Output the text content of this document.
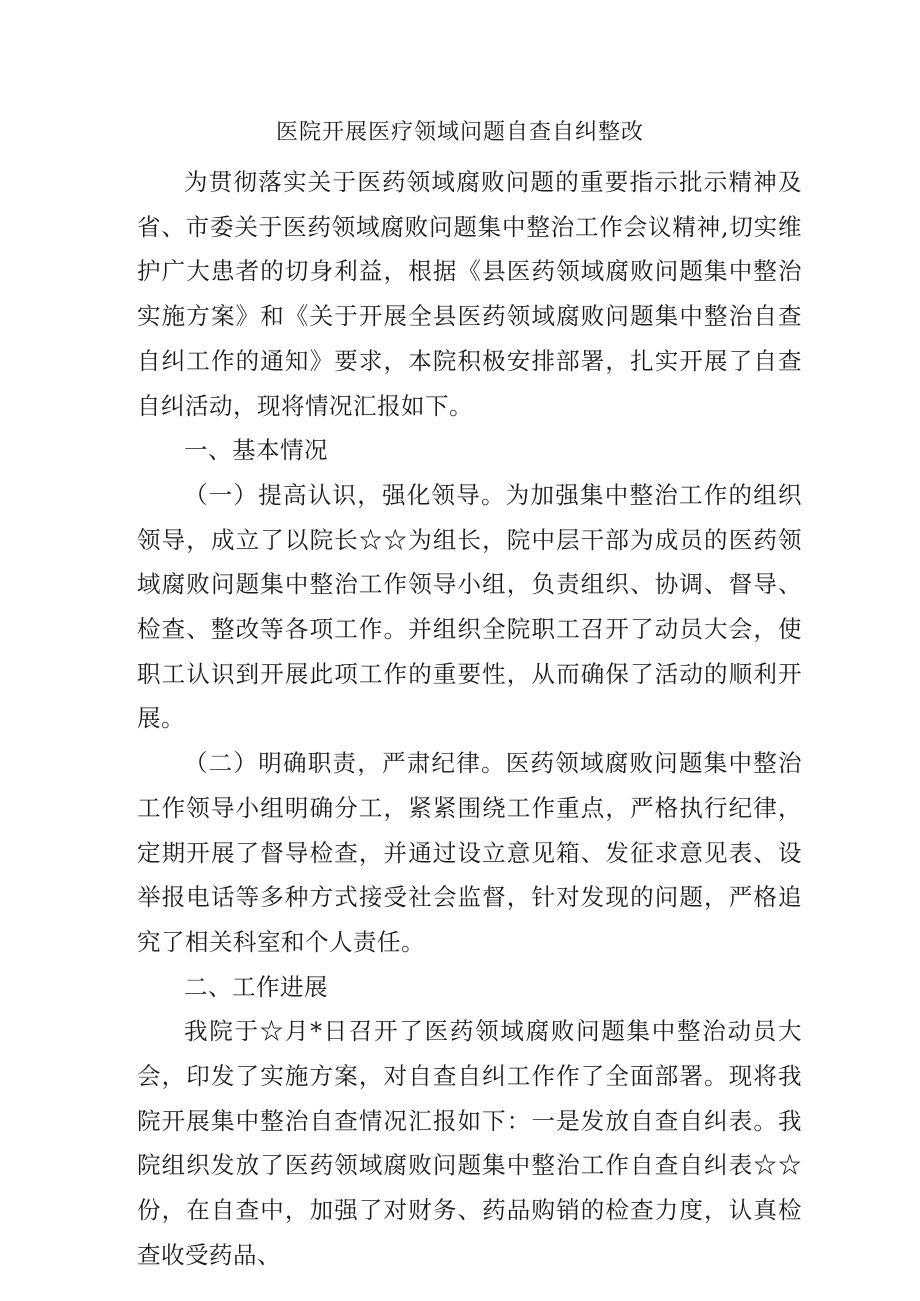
医院开展医疗领域问题自查自纠整改

为贯彻落实关于医药领域腐败问题的重要指示批示精神及省、市委关于医药领域腐败问题集中整治工作会议精神,切实维护广大患者的切身利益，根据《县医药领域腐败问题集中整治实施方案》和《关于开展全县医药领域腐败问题集中整治自查自纠工作的通知》要求，本院积极安排部署，扎实开展了自查自纠活动，现将情况汇报如下。

一、基本情况

（一）提高认识，强化领导。为加强集中整治工作的组织领导，成立了以院长☆☆为组长，院中层干部为成员的医药领域腐败问题集中整治工作领导小组，负责组织、协调、督导、检查、整改等各项工作。并组织全院职工召开了动员大会，使职工认识到开展此项工作的重要性，从而确保了活动的顺利开展。

（二）明确职责，严肃纪律。医药领域腐败问题集中整治工作领导小组明确分工，紧紧围绕工作重点，严格执行纪律，定期开展了督导检查，并通过设立意见箱、发征求意见表、设举报电话等多种方式接受社会监督，针对发现的问题，严格追究了相关科室和个人责任。

二、工作进展

我院于☆月*日召开了医药领域腐败问题集中整治动员大会，印发了实施方案，对自查自纠工作作了全面部署。现将我院开展集中整治自查情况汇报如下：一是发放自查自纠表。我院组织发放了医药领域腐败问题集中整治工作自查自纠表☆☆份，在自查中，加强了对财务、药品购销的检查力度，认真检查收受药品、
